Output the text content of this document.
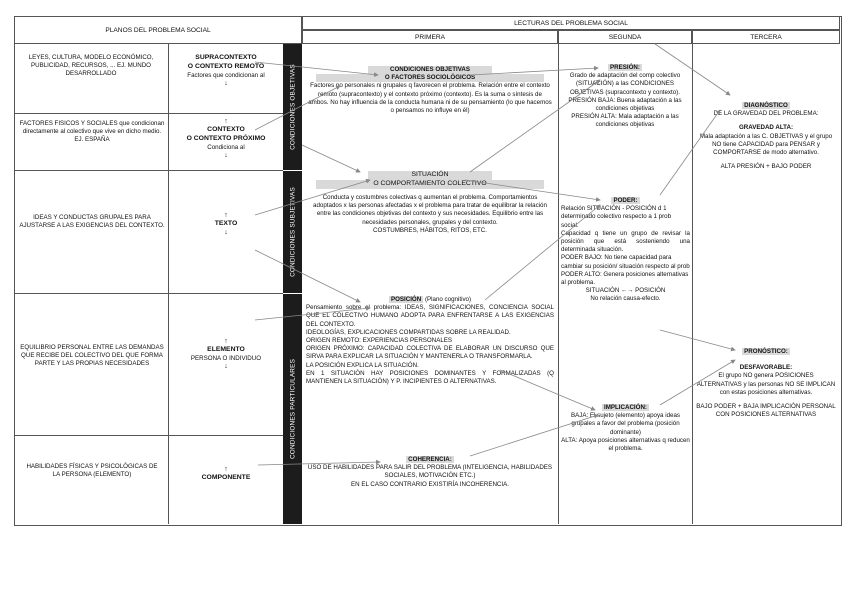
PLANOS DEL PROBLEMA SOCIAL
LECTURAS DEL PROBLEMA SOCIAL
PRIMERA	SEGUNDA	TERCERA
CONDICIONES OBJETIVAS
CONDICIONES SUBJETIVAS
CONDICIONES PARTICULARES
LEYES, CULTURA, MODELO ECONÓMICO, PUBLICIDAD, RECURSOS, ... EJ. MUNDO DESARROLLADO
FACTORES FISICOS Y SOCIALES que condicionan directamente al colectivo que vive en dicho medio. EJ. ESPAÑA
IDEAS Y CONDUCTAS GRUPALES PARA AJUSTARSE A LAS EXIGENCIAS DEL CONTEXTO.
EQUILIBRIO PERSONAL ENTRE LAS DEMANDAS QUE RECIBE DEL COLECTIVO DEL QUE FORMA PARTE Y LAS PROPIAS NECESIDADES
HABILIDADES FÍSICAS Y PSICOLÓGICAS DE LA PERSONA (ELEMENTO)
SUPRACONTEXTO
O CONTEXTO REMOTO
Factores que condicionan al
↓
↑
CONTEXTO
O CONTEXTO PRÓXIMO
Condiciona al
↓
↑
TEXTO
↓
↑
ELEMENTO
PERSONA O INDIVIDUO
↓
↑
COMPONENTE
CONDICIONES OBJETIVAS
O FACTORES SOCIOLÓGICOS
Factores no personales ni grupales q favorecen el problema. Relación entre el contexto remoto (supracontexto) y el contexto próximo (contexto). Es la suma o síntesis de ambos. No hay influencia de la conducta humana ni de su pensamiento (lo que hacemos o pensamos no influye en él)
SITUACIÓN
O COMPORTAMIENTO COLECTIVO
Conducta y costumbres colectivas q aumentan el problema. Comportamientos adoptados x las personas afectadas x el problema para tratar de equilibrar la relación entre las condiciones objetivas del contexto y sus necesidades. Equilibrio entre las necesidades personales, grupales y del contexto.
COSTUMBRES, HÁBITOS, RITOS, ETC.
POSICIÓN (Plano cognitivo)
Pensamiento sobre el problema: IDEAS, SIGNIFICACIONES, CONCIENCIA SOCIAL QUE EL COLECTIVO HUMANO ADOPTA PARA ENFRENTARSE A LAS EXIGENCIAS DEL CONTEXTO.
IDEOLOGÍAS, EXPLICACIONES COMPARTIDAS SOBRE LA REALIDAD.
ORIGEN REMOTO: EXPERIENCIAS PERSONALES
ORIGEN PRÓXIMO: CAPACIDAD COLECTIVA DE ELABORAR UN DISCURSO QUE SIRVA PARA EXPLICAR LA SITUACIÓN Y MANTENERLA O TRANSFORMARLA.
LA POSICIÓN EXPLICA LA SITUACIÓN.
EN 1 SITUACIÓN HAY POSICIONES DOMINANTES Y FORMALIZADAS (Q MANTIENEN LA SITUACIÓN) Y P. INCIPIENTES O ALTERNATIVAS.
COHERENCIA:
USO DE HABILIDADES PARA SALIR DEL PROBLEMA (INTELIGENCIA, HABILIDADES SOCIALES, MOTIVACIÓN ETC.)
EN EL CASO CONTRARIO EXISTIRÍA INCOHERENCIA.
PRESIÓN:
Grado de adaptación del comp colectivo (SITUACIÓN) a las CONDICIONES OBJETIVAS (supracontexto y contexto).
PRESIÓN BAJA: Buena adaptación a las condiciones objetivas
PRESIÓN ALTA: Mala adaptación a las condiciones objetivas
PODER:
Relación SITUACIÓN - POSICIÓN d 1 determinado colectivo respecto a 1 prob social.
Capacidad q tiene un grupo de revisar la posición que está sosteniendo una determinada situación.
PODER BAJO: No tiene capacidad para cambiar su posición/ situación respecto al prob
PODER ALTO: Genera posiciones alternativas al problema.
SITUACIÓN ←→ POSICIÓN
No relación causa-efecto.
IMPLICACIÓN:
BAJA: El sujeto (elemento) apoya ideas grupales a favor del problema (posición dominante)
ALTA: Apoya posiciones alternativas q reducen el problema.
DIAGNÓSTICO
DE LA GRAVEDAD DEL PROBLEMA:

GRAVEDAD ALTA:
Mala adaptación a las C. OBJETIVAS y el grupo NO tiene CAPACIDAD para PENSAR y COMPORTARSE de modo alternativo.

ALTA PRESIÓN + BAJO PODER
PRONÓSTICO:

DESFAVORABLE:
El grupo NO genera POSICIONES ALTERNATIVAS y las personas NO SE IMPLICAN con estas posiciones alternativas.

BAJO PODER + BAJA IMPLICACIÓN PERSONAL CON POSICIONES ALTERNATIVAS
